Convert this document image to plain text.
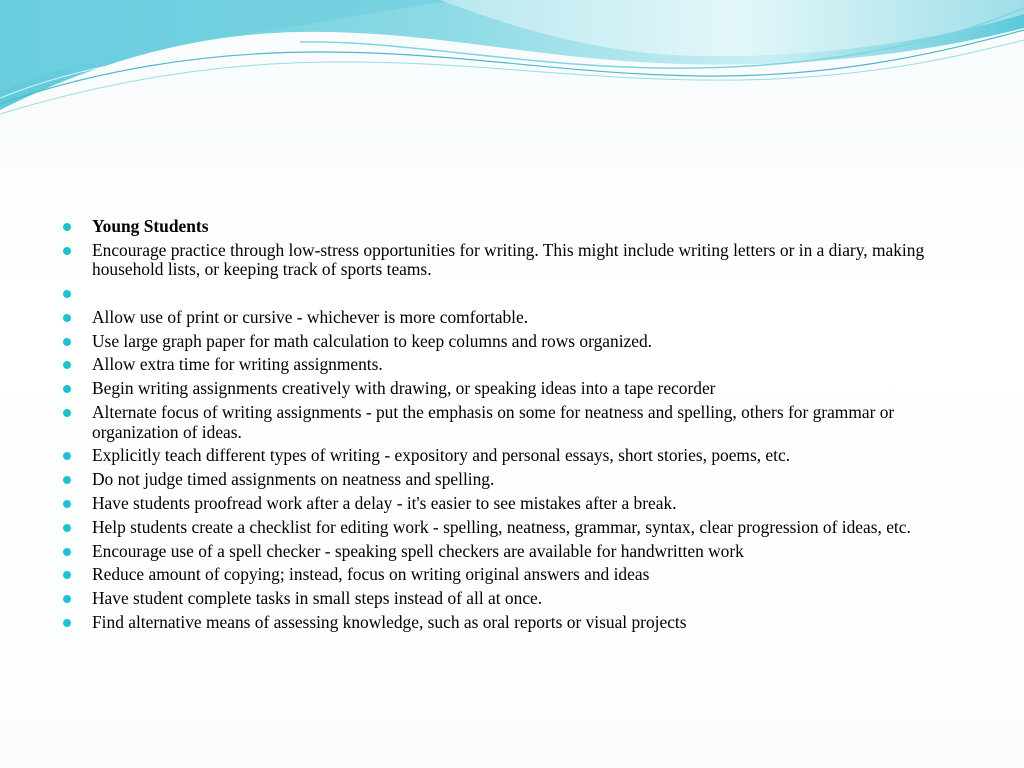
Young Students
Encourage practice through low-stress opportunities for writing. This might include writing letters or in a diary, making household lists, or keeping track of sports teams.
Allow use of print or cursive - whichever is more comfortable.
Use large graph paper for math calculation to keep columns and rows organized.
Allow extra time for writing assignments.
Begin writing assignments creatively with drawing, or speaking ideas into a tape recorder
Alternate focus of writing assignments - put the emphasis on some for neatness and spelling, others for grammar or organization of ideas.
Explicitly teach different types of writing - expository and personal essays, short stories, poems, etc.
Do not judge timed assignments on neatness and spelling.
Have students proofread work after a delay - it's easier to see mistakes after a break.
Help students create a checklist for editing work - spelling, neatness, grammar, syntax, clear progression of ideas, etc.
Encourage use of a spell checker - speaking spell checkers are available for handwritten work
Reduce amount of copying; instead, focus on writing original answers and ideas
Have student complete tasks in small steps instead of all at once.
Find alternative means of assessing knowledge, such as oral reports or visual projects
